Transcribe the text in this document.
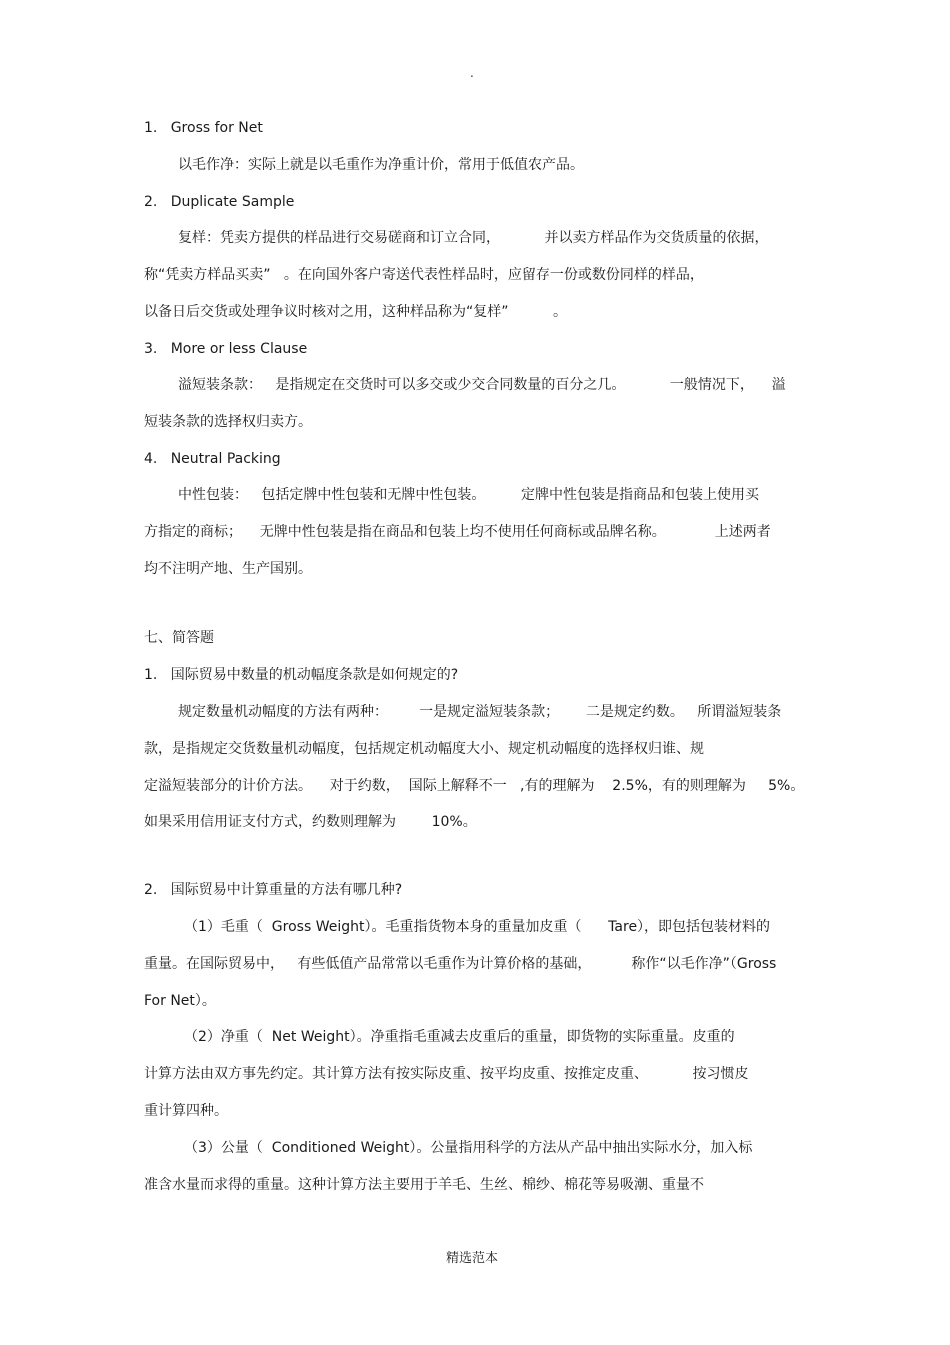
.
1.   Gross for Net
以毛作净：实际上就是以毛重作为净重计价，常用于低值农产品。
2.   Duplicate Sample
复样：凭卖方提供的样品进行交易磋商和订立合同，          并以卖方样品作为交货质量的依据，
称“凭卖方样品买卖”   。在向国外客户寄送代表性样品时，应留存一份或数份同样的样品，
以备日后交货或处理争议时核对之用，这种样品称为“复样”          。
3.   More or less Clause
溢短装条款：   是指规定在交货时可以多交或少交合同数量的百分之几。          一般情况下，    溢
短装条款的选择权归卖方。
4.   Neutral Packing
中性包装：   包括定牌中性包装和无牌中性包装。        定牌中性包装是指商品和包装上使用买
方指定的商标；    无牌中性包装是指在商品和包装上均不使用任何商标或品牌名称。           上述两者
均不注明产地、生产国别。
七、简答题
1.   国际贸易中数量的机动幅度条款是如何规定的?
规定数量机动幅度的方法有两种：       一是规定溢短装条款；      二是规定约数。   所谓溢短装条
款，是指规定交货数量机动幅度，包括规定机动幅度大小、规定机动幅度的选择权归谁、规
定溢短装部分的计价方法。    对于约数，  国际上解释不一   ,有的理解为    2.5%，有的则理解为     5%。
如果采用信用证支付方式，约数则理解为        10%。
2.   国际贸易中计算重量的方法有哪几种?
（1）毛重（  Gross Weight）。毛重指货物本身的重量加皮重（      Tare），即包括包装材料的
重量。在国际贸易中，   有些低值产品常常以毛重作为计算价格的基础，         称作“以毛作净”（Gross
For Net）。
（2）净重（  Net Weight）。净重指毛重减去皮重后的重量，即货物的实际重量。皮重的
计算方法由双方事先约定。其计算方法有按实际皮重、按平均皮重、按推定皮重、          按习惯皮
重计算四种。
（3）公量（  Conditioned Weight）。公量指用科学的方法从产品中抽出实际水分，加入标
准含水量而求得的重量。这种计算方法主要用于羊毛、生丝、棉纱、棉花等易吸潮、重量不
精选范本
